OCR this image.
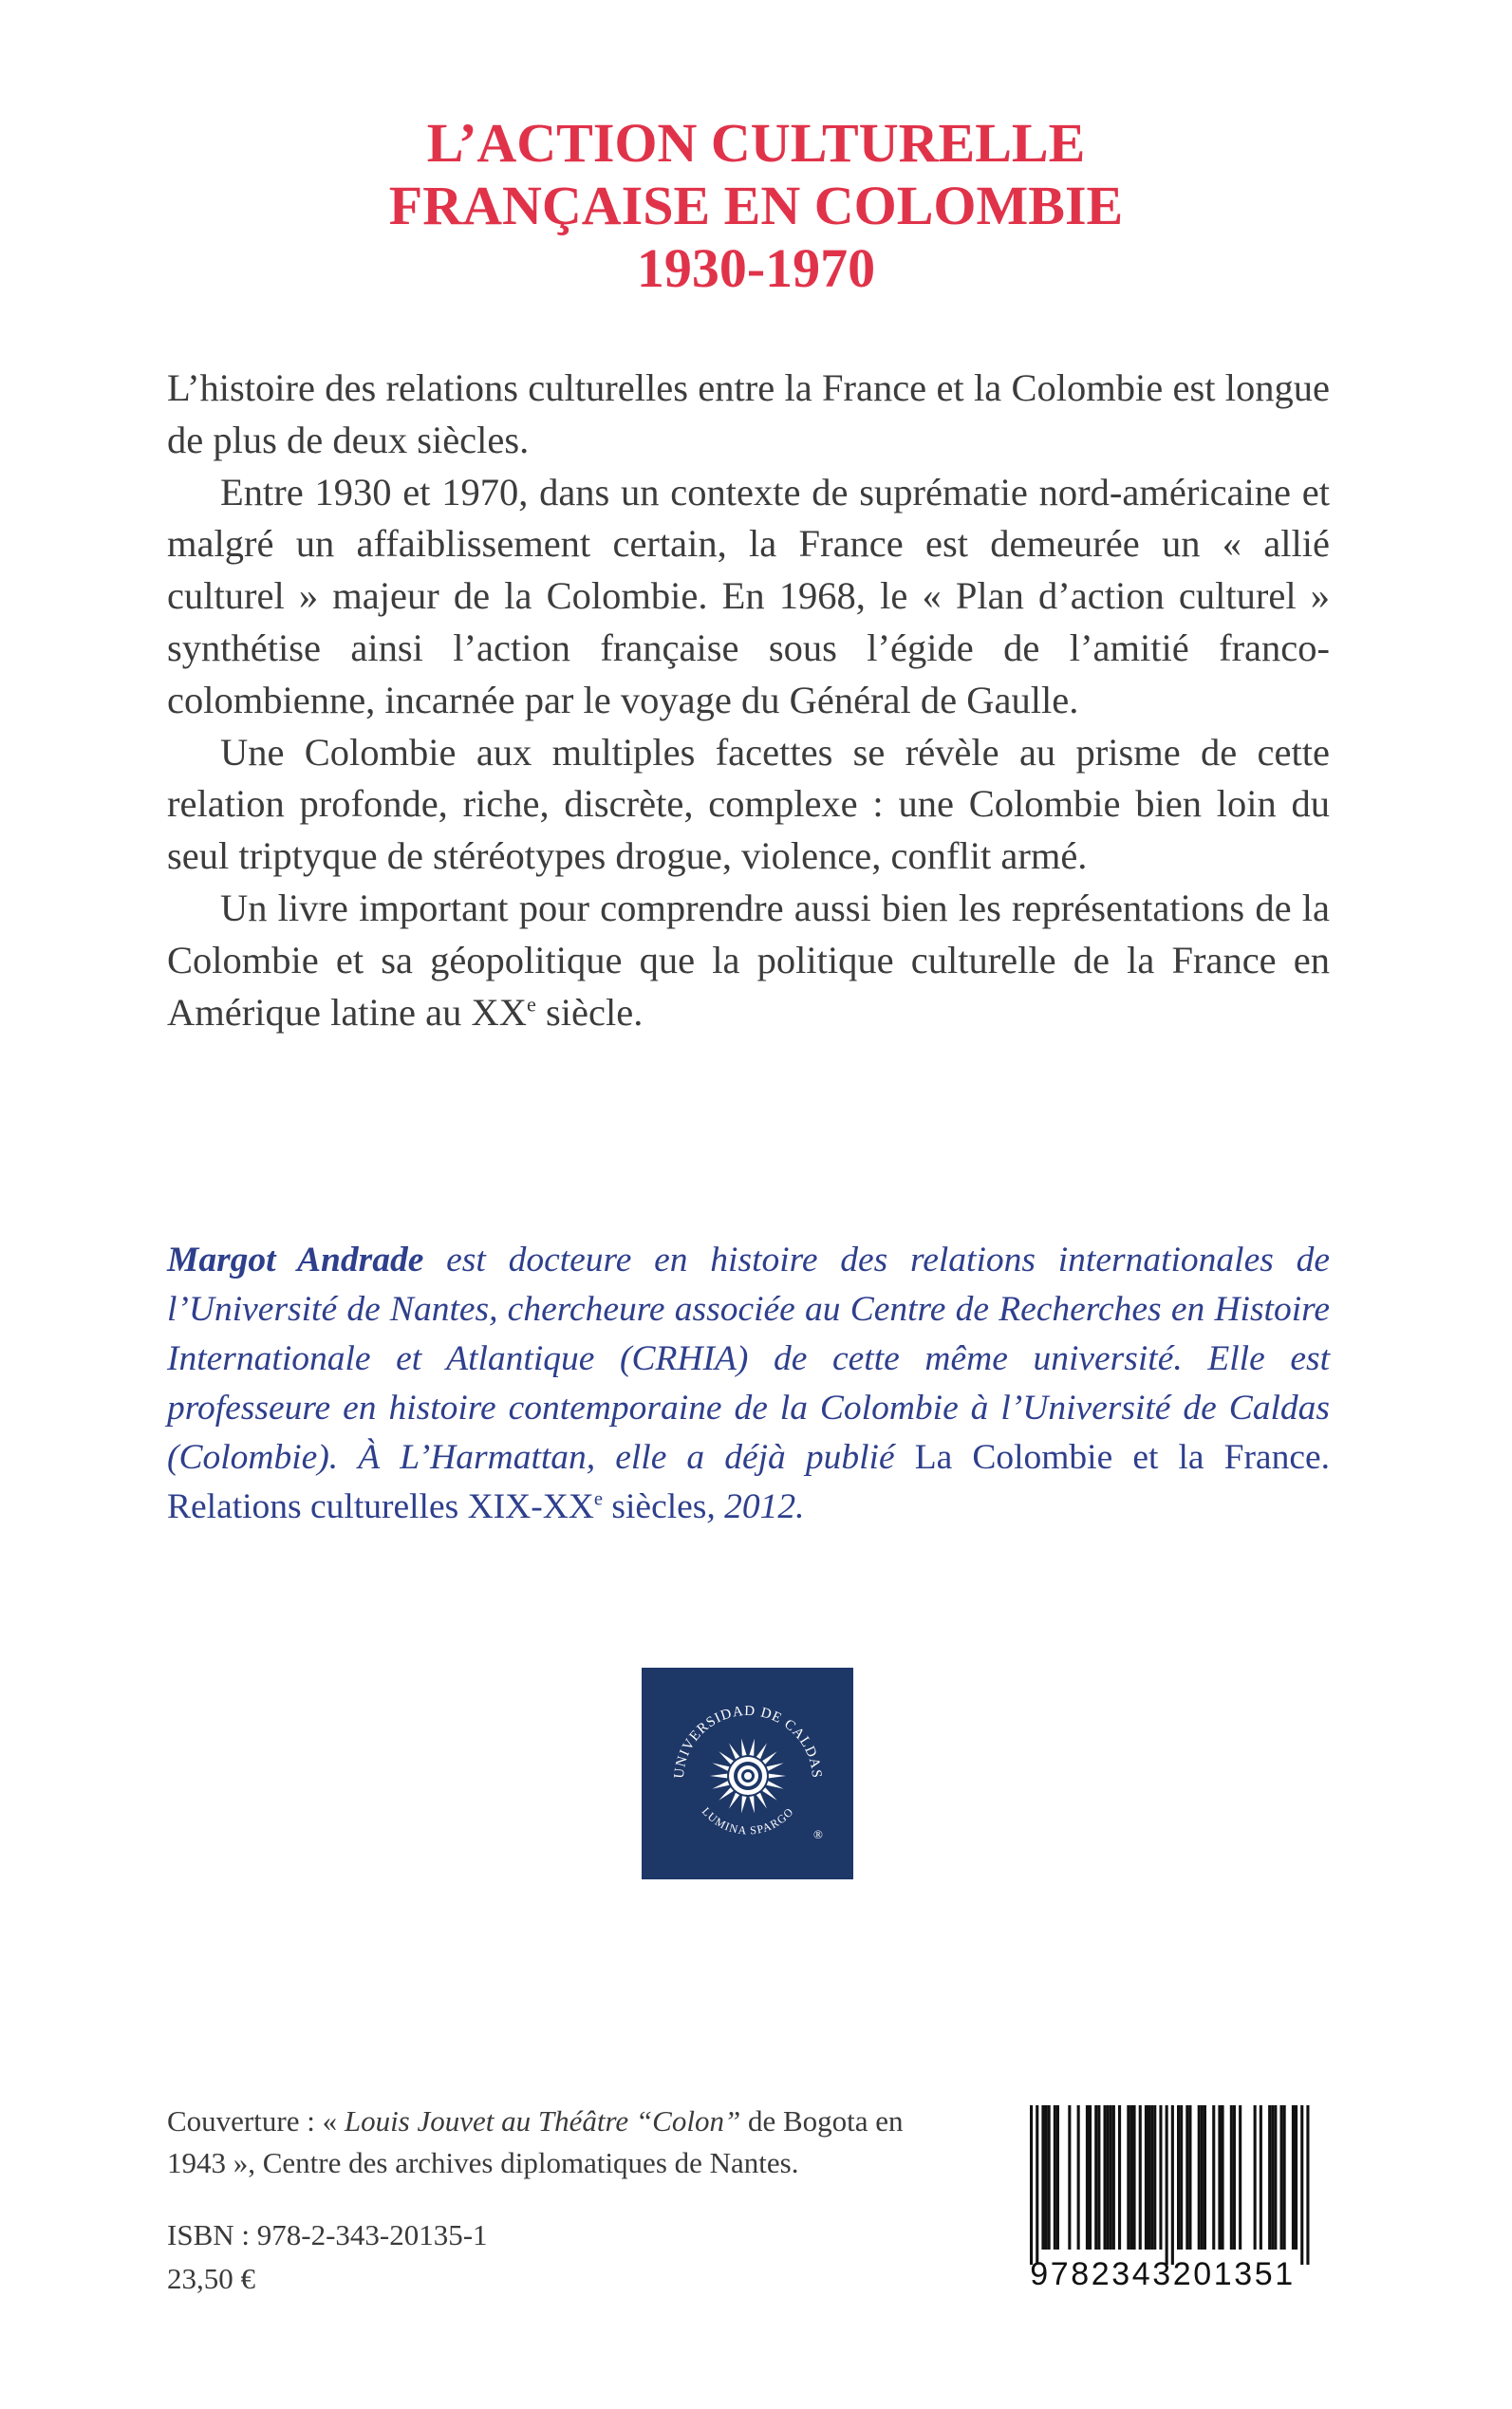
L’ACTION CULTURELLE
FRANÇAISE EN COLOMBIE
1930-1970

L’histoire des relations culturelles entre la France et la Colombie est longue de plus de deux siècles.

Entre 1930 et 1970, dans un contexte de suprématie nord-américaine et malgré un affaiblissement certain, la France est demeurée un « allié culturel » majeur de la Colombie. En 1968, le « Plan d’action culturel » synthétise ainsi l’action française sous l’égide de l’amitié franco-colombienne, incarnée par le voyage du Général de Gaulle.

Une Colombie aux multiples facettes se révèle au prisme de cette relation profonde, riche, discrète, complexe : une Colombie bien loin du seul triptyque de stéréotypes drogue, violence, conflit armé.

Un livre important pour comprendre aussi bien les représentations de la Colombie et sa géopolitique que la politique culturelle de la France en Amérique latine au XXe siècle.

Margot Andrade est docteure en histoire des relations internationales de l’Université de Nantes, chercheure associée au Centre de Recherches en Histoire Internationale et Atlantique (CRHIA) de cette même université. Elle est professeure en histoire contemporaine de la Colombie à l’Université de Caldas (Colombie). À L’Harmattan, elle a déjà publié La Colombie et la France. Relations culturelles XIX-XXe siècles, 2012.

UNIVERSIDAD DE CALDAS
LUMINA SPARGO
®

Couverture : « Louis Jouvet au Théâtre “Colon” de Bogota en 1943 », Centre des archives diplomatiques de Nantes.

ISBN : 978-2-343-20135-1
23,50 €	9782343201351
